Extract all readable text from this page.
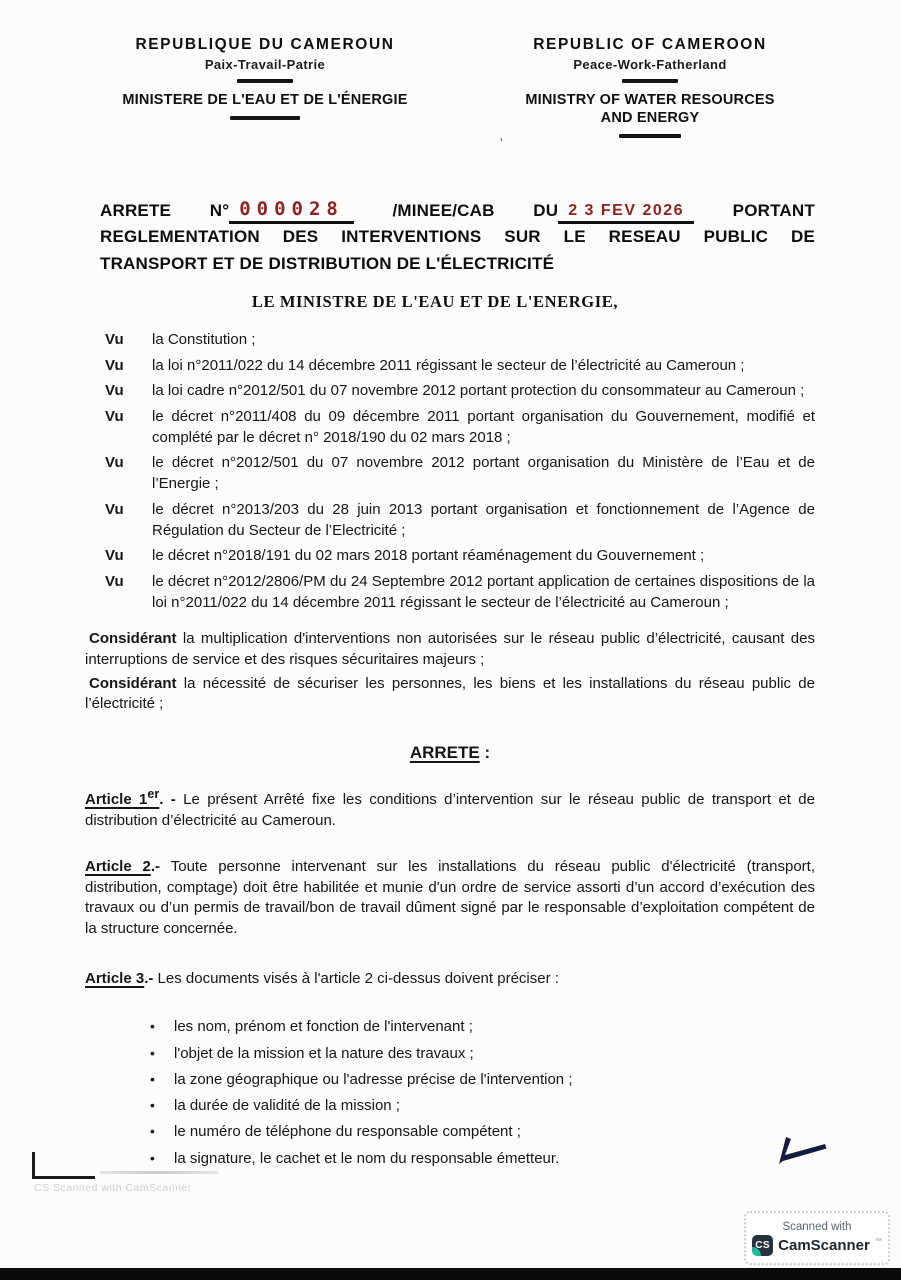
REPUBLIQUE DU CAMEROUN
Paix-Travail-Patrie
MINISTERE DE L'EAU ET DE L'ÉNERGIE
REPUBLIC OF CAMEROON
Peace-Work-Fatherland
MINISTRY OF WATER RESOURCES
AND ENERGY
’
ARRETE N° 000028	/MINEE/CAB DU 2 3 FEV 2026	PORTANT
REGLEMENTATION DES INTERVENTIONS SUR LE RESEAU PUBLIC DE
TRANSPORT ET DE DISTRIBUTION DE L'ÉLECTRICITÉ
LE MINISTRE DE L'EAU ET DE L'ENERGIE,
Vu	la Constitution ;
Vu	la loi n°2011/022 du 14 décembre 2011 régissant le secteur de l’électricité au Cameroun ;
Vu	la loi cadre n°2012/501 du 07 novembre 2012 portant protection du consommateur au Cameroun ;
Vu	le décret n°2011/408 du 09 décembre 2011 portant organisation du Gouvernement, modifié et complété par le décret n° 2018/190 du 02 mars 2018 ;
Vu	le décret n°2012/501 du 07 novembre 2012 portant organisation du Ministère de l’Eau et de l’Energie ;
Vu	le décret n°2013/203 du 28 juin 2013 portant organisation et fonctionnement de l’Agence de Régulation du Secteur de l’Electricité ;
Vu	le décret n°2018/191 du 02 mars 2018 portant réaménagement du Gouvernement ;
Vu	le décret n°2012/2806/PM du 24 Septembre 2012 portant application de certaines dispositions de la loi n°2011/022 du 14 décembre 2011 régissant le secteur de l’électricité au Cameroun ;
Considérant la multiplication d'interventions non autorisées sur le réseau public d’électricité, causant des interruptions de service et des risques sécuritaires majeurs ;
Considérant la nécessité de sécuriser les personnes, les biens et les installations du réseau public de l’électricité ;
ARRETE :
Article 1er. - Le présent Arrêté fixe les conditions d’intervention sur le réseau public de transport et de distribution d’électricité au Cameroun.
Article 2.- Toute personne intervenant sur les installations du réseau public d'électricité (transport, distribution, comptage) doit être habilitée et munie d'un ordre de service assorti d’un accord d’exécution des travaux ou d’un permis de travail/bon de travail dûment signé par le responsable d’exploitation compétent de la structure concernée.
Article 3.- Les documents visés à l'article 2 ci-dessus doivent préciser :
• les nom, prénom et fonction de l'intervenant ;
• l'objet de la mission et la nature des travaux ;
• la zone géographique ou l'adresse précise de l'intervention ;
• la durée de validité de la mission ;
• le numéro de téléphone du responsable compétent ;
• la signature, le cachet et le nom du responsable émetteur.
CS Scanned with CamScanner
Scanned with
CS CamScanner ™
